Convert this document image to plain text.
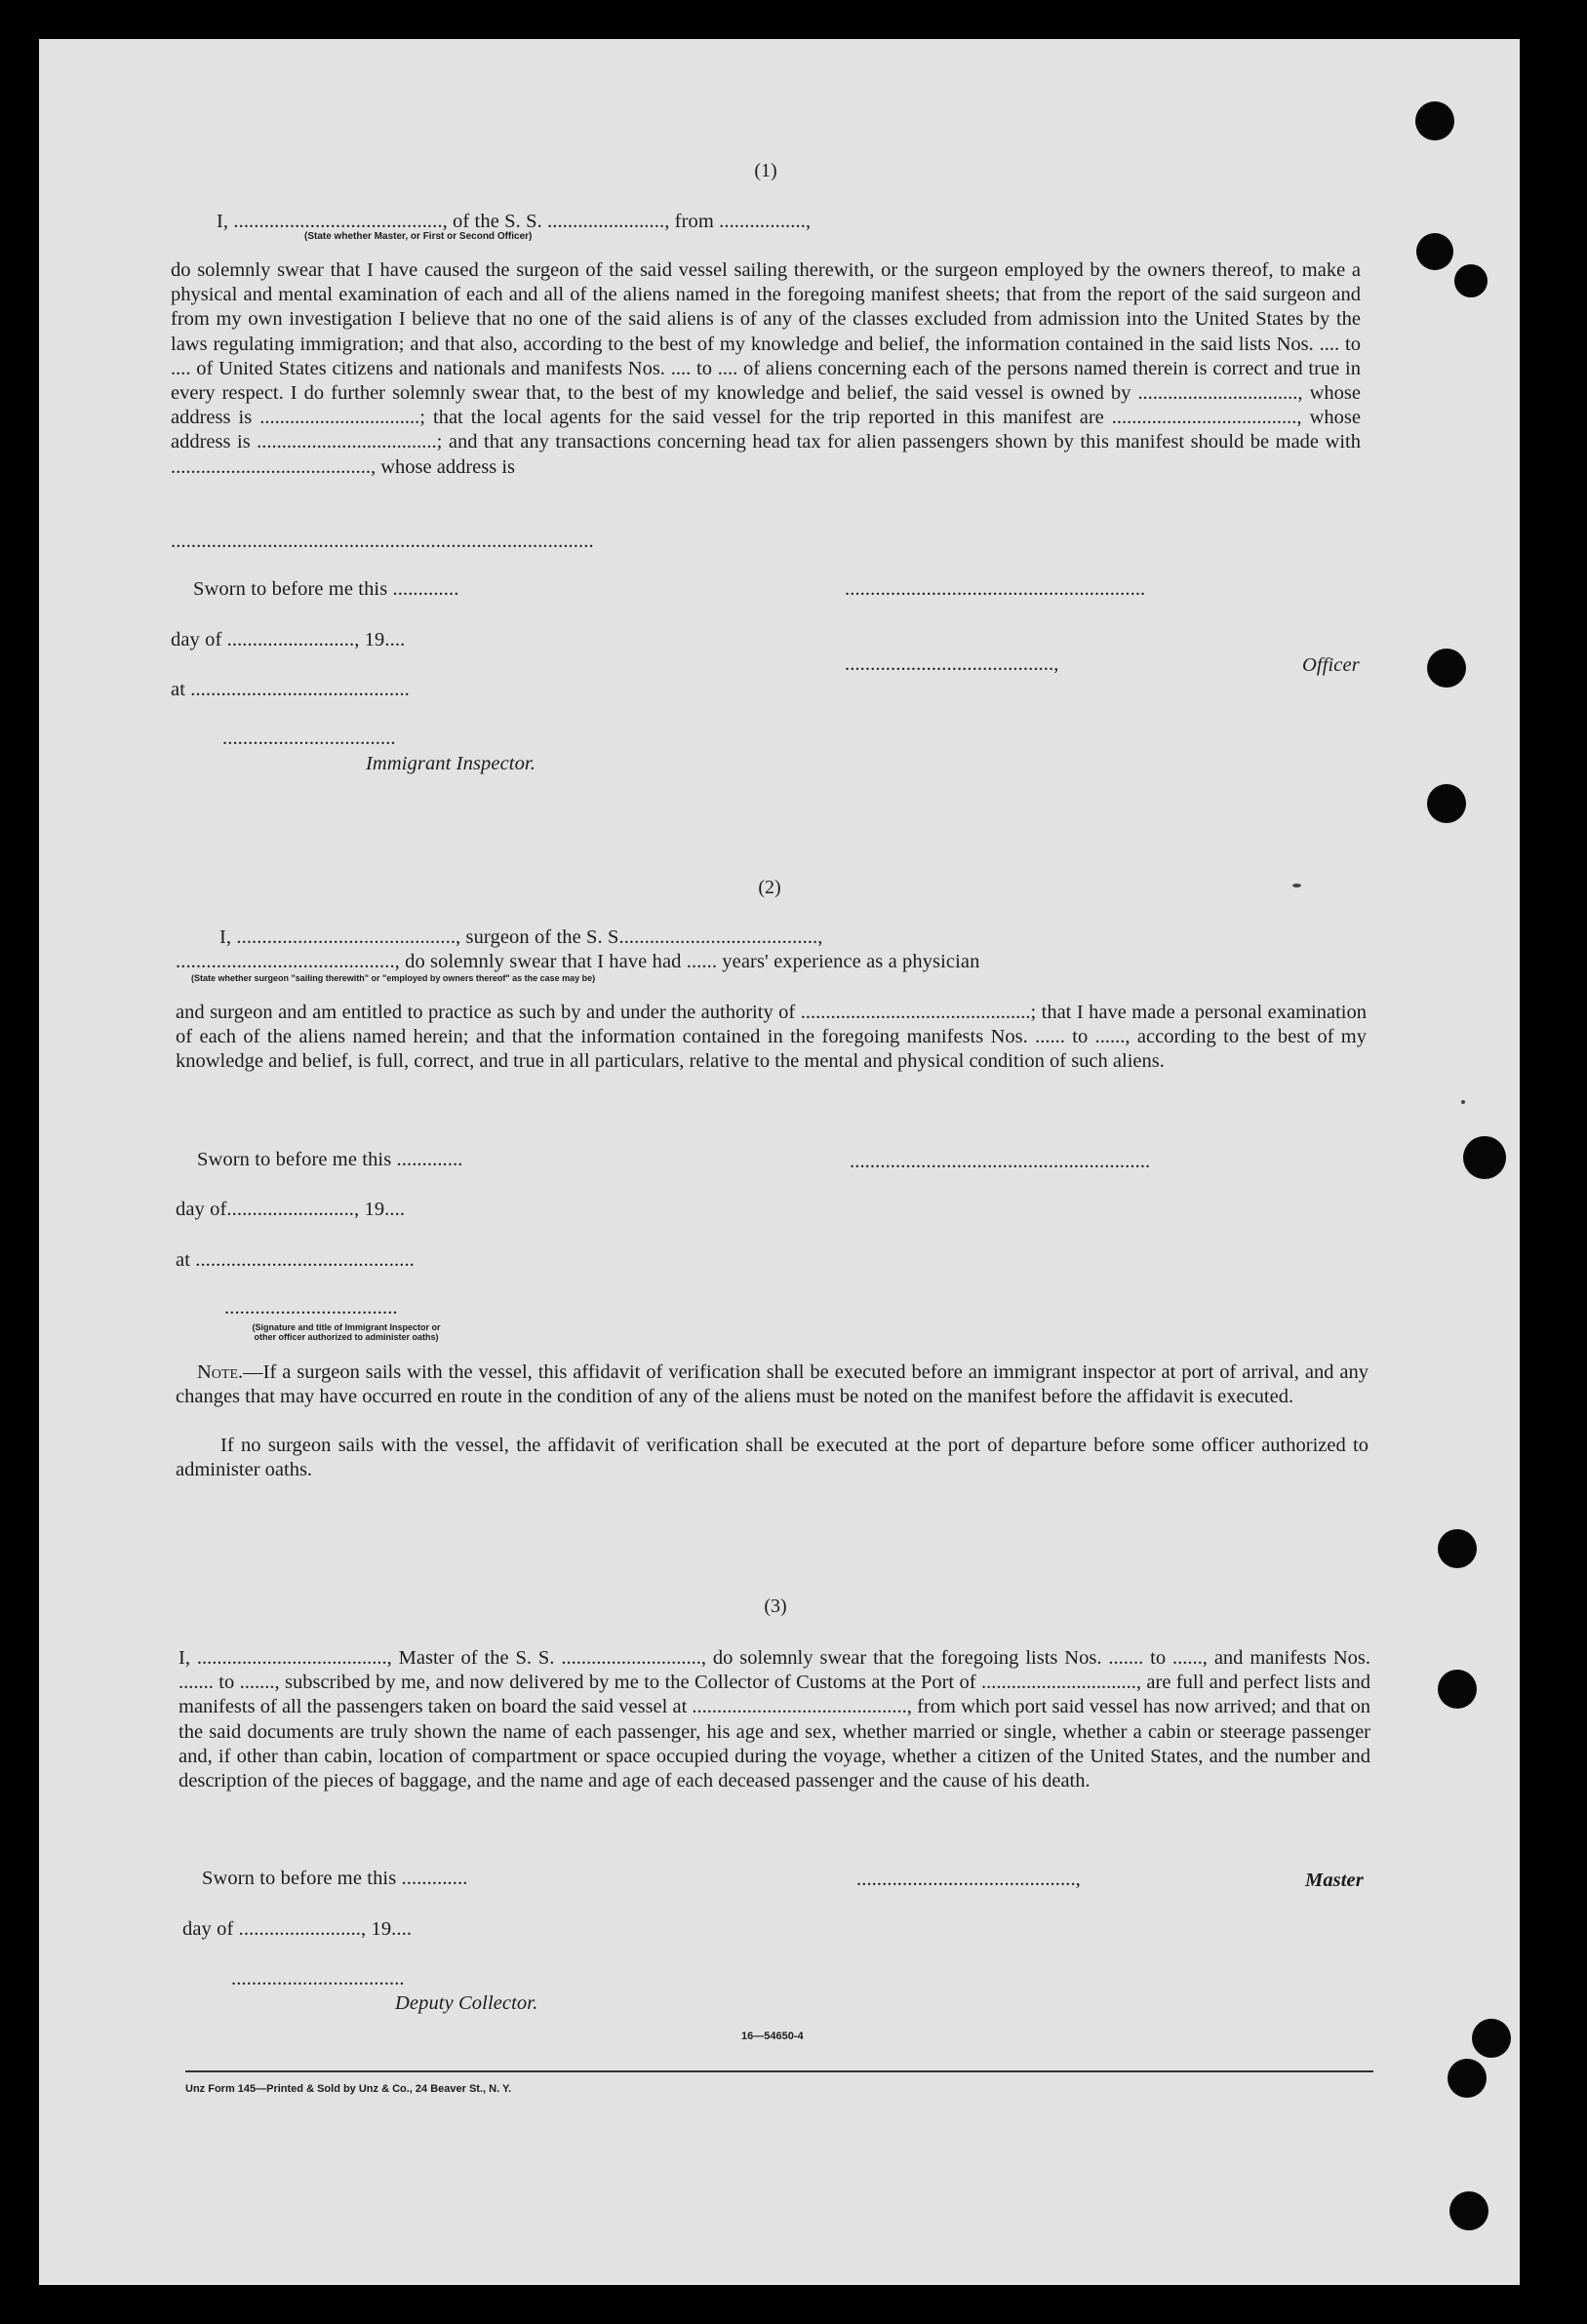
(1)
I, ........................................., of the S. S. ......................., from .................,
(State whether Master, or First or Second Officer)
do solemnly swear that I have caused the surgeon of the said vessel sailing therewith, or the surgeon employed by the owners thereof, to make a physical and mental examination of each and all of the aliens named in the foregoing manifest sheets; that from the report of the said surgeon and from my own investigation I believe that no one of the said aliens is of any of the classes excluded from admission into the United States by the laws regulating immigration; and that also, according to the best of my knowledge and belief, the information contained in the said lists Nos. .... to .... of United States citizens and nationals and manifests Nos. .... to .... of aliens concerning each of the persons named therein is correct and true in every respect. I do further solemnly swear that, to the best of my knowledge and belief, the said vessel is owned by ................................, whose address is ................................; that the local agents for the said vessel for the trip reported in this manifest are ....................................., whose address is ....................................; and that any transactions concerning head tax for alien passengers shown by this manifest should be made with ........................................, whose address is
...................................................................................
Sworn to before me this .............	...........................................................
day of ........................., 19....
.........................................,	Officer
at ...........................................
..................................
Immigrant Inspector.
(2)
I, ..........................................., surgeon of the S. S.......................................,
..........................................., do solemnly swear that I have had ...... years' experience as a physician
(State whether surgeon "sailing therewith" or "employed by owners thereof" as the case may be)
and surgeon and am entitled to practice as such by and under the authority of ..............................................; that I have made a personal examination of each of the aliens named herein; and that the information contained in the foregoing manifests Nos. ...... to ......, according to the best of my knowledge and belief, is full, correct, and true in all particulars, relative to the mental and physical condition of such aliens.
Sworn to before me this .............	...........................................................
day of........................., 19....
at ...........................................
..................................
(Signature and title of Immigrant Inspector or other officer authorized to administer oaths)
Note.—If a surgeon sails with the vessel, this affidavit of verification shall be executed before an immigrant inspector at port of arrival, and any changes that may have occurred en route in the condition of any of the aliens must be noted on the manifest before the affidavit is executed.
If no surgeon sails with the vessel, the affidavit of verification shall be executed at the port of departure before some officer authorized to administer oaths.
(3)
I, ......................................, Master of the S. S. ............................, do solemnly swear that the foregoing lists Nos. ....... to ......, and manifests Nos. ....... to ......., subscribed by me, and now delivered by me to the Collector of Customs at the Port of ..............................., are full and perfect lists and manifests of all the passengers taken on board the said vessel at ..........................................., from which port said vessel has now arrived; and that on the said documents are truly shown the name of each passenger, his age and sex, whether married or single, whether a cabin or steerage passenger and, if other than cabin, location of compartment or space occupied during the voyage, whether a citizen of the United States, and the number and description of the pieces of baggage, and the name and age of each deceased passenger and the cause of his death.
Sworn to before me this .............	...........................................,	Master
day of ........................, 19....
..................................
Deputy Collector.
16—54650-4
Unz Form 145—Printed & Sold by Unz & Co., 24 Beaver St., N. Y.
